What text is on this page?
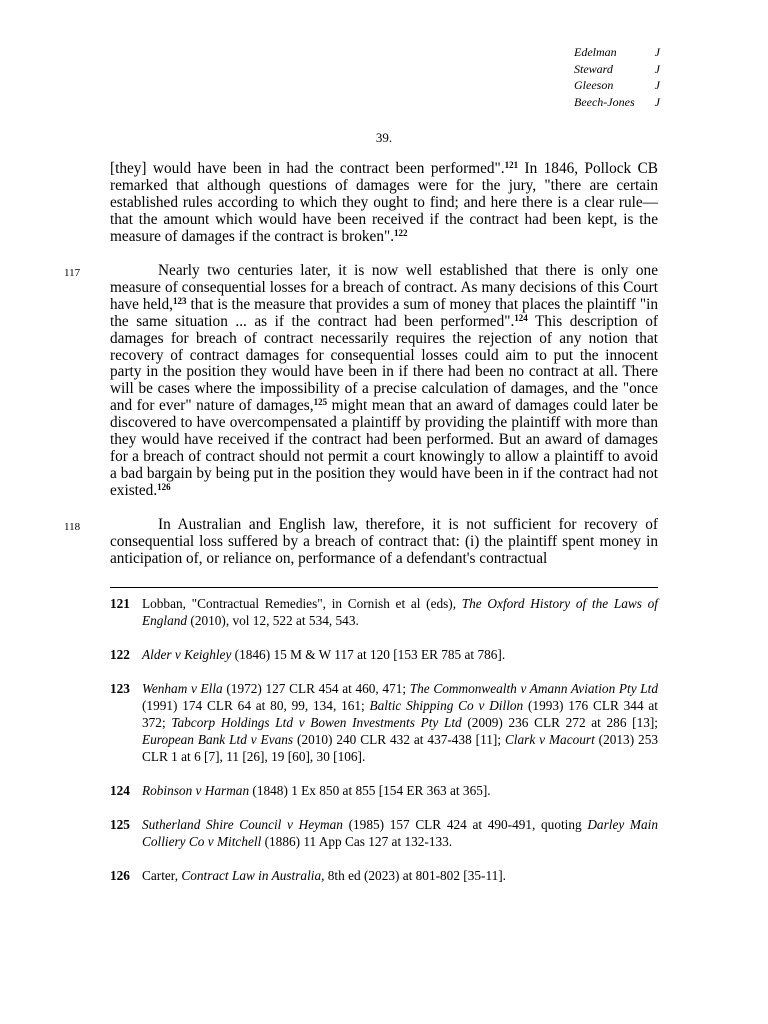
Edelman	J
Steward	J
Gleeson	J
Beech-Jones J
39.

[they] would have been in had the contract been performed".$^{121}$ In 1846, Pollock CB remarked that although questions of damages were for the jury, "there are certain established rules according to which they ought to find; and here there is a clear rule—that the amount which would have been received if the contract had been kept, is the measure of damages if the contract is broken".$^{122}$

117	Nearly two centuries later, it is now well established that there is only one measure of consequential losses for a breach of contract. As many decisions of this Court have held,$^{123}$ that is the measure that provides a sum of money that places the plaintiff "in the same situation ... as if the contract had been performed".$^{124}$ This description of damages for breach of contract necessarily requires the rejection of any notion that recovery of contract damages for consequential losses could aim to put the innocent party in the position they would have been in if there had been no contract at all. There will be cases where the impossibility of a precise calculation of damages, and the "once and for ever" nature of damages,$^{125}$ might mean that an award of damages could later be discovered to have overcompensated a plaintiff by providing the plaintiff with more than they would have received if the contract had been performed. But an award of damages for a breach of contract should not permit a court knowingly to allow a plaintiff to avoid a bad bargain by being put in the position they would have been in if the contract had not existed.$^{126}$

118	In Australian and English law, therefore, it is not sufficient for recovery of consequential loss suffered by a breach of contract that: (i) the plaintiff spent money in anticipation of, or reliance on, performance of a defendant's contractual

121 Lobban, "Contractual Remedies", in Cornish et al (eds), The Oxford History of the Laws of England (2010), vol 12, 522 at 534, 543.
122 Alder v Keighley (1846) 15 M & W 117 at 120 [153 ER 785 at 786].
123 Wenham v Ella (1972) 127 CLR 454 at 460, 471; The Commonwealth v Amann Aviation Pty Ltd (1991) 174 CLR 64 at 80, 99, 134, 161; Baltic Shipping Co v Dillon (1993) 176 CLR 344 at 372; Tabcorp Holdings Ltd v Bowen Investments Pty Ltd (2009) 236 CLR 272 at 286 [13]; European Bank Ltd v Evans (2010) 240 CLR 432 at 437-438 [11]; Clark v Macourt (2013) 253 CLR 1 at 6 [7], 11 [26], 19 [60], 30 [106].
124 Robinson v Harman (1848) 1 Ex 850 at 855 [154 ER 363 at 365].
125 Sutherland Shire Council v Heyman (1985) 157 CLR 424 at 490-491, quoting Darley Main Colliery Co v Mitchell (1886) 11 App Cas 127 at 132-133.
126 Carter, Contract Law in Australia, 8th ed (2023) at 801-802 [35-11].
